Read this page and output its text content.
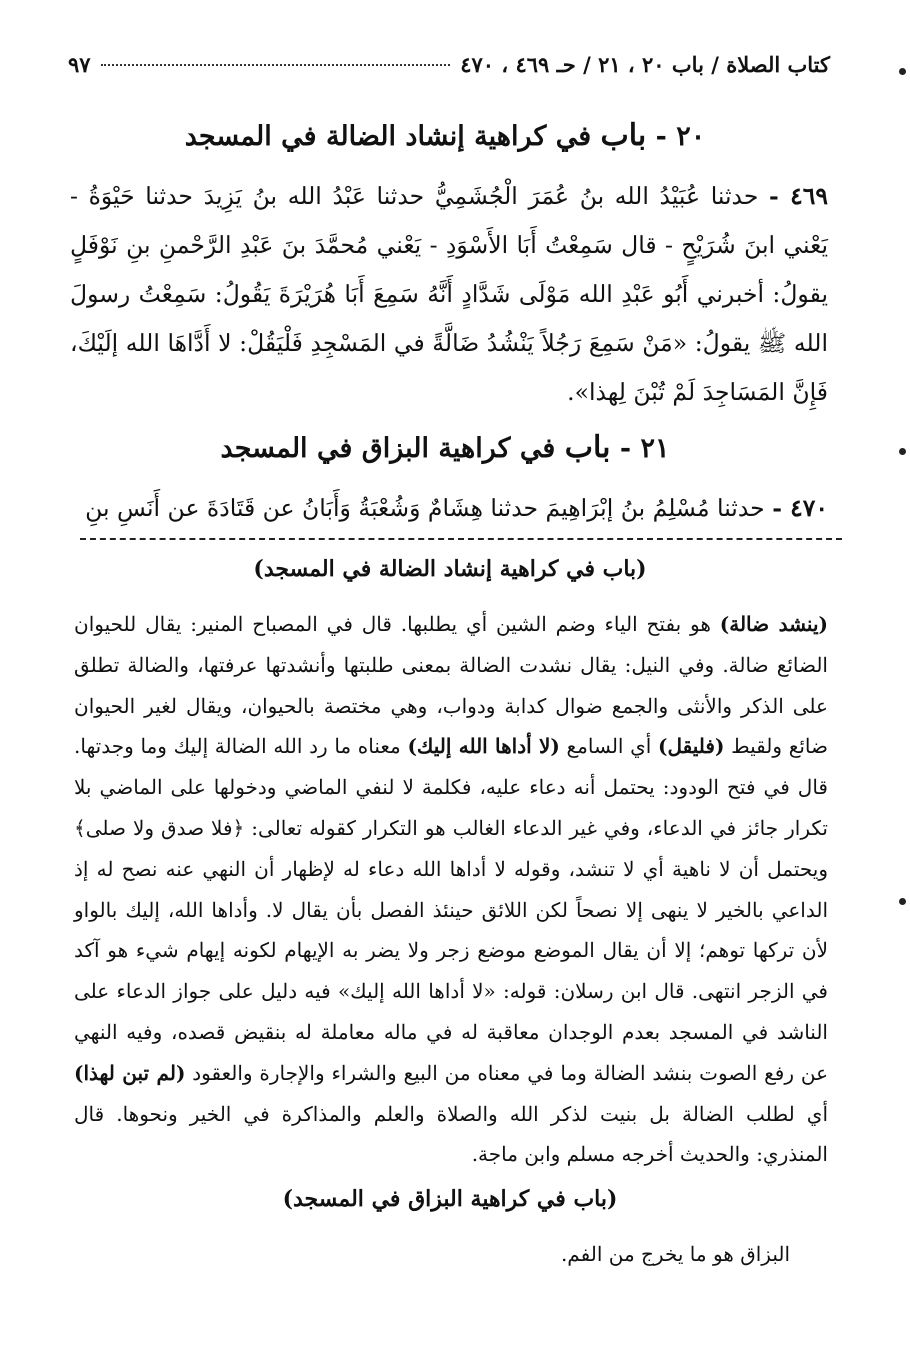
كتاب الصلاة / باب ٢٠ ، ٢١ / حـ ٤٦٩ ، ٤٧٠
٩٧
٢٠ - باب في كراهية إنشاد الضالة في المسجد
٤٦٩ - حدثنا عُبَيْدُ الله بنُ عُمَرَ الْجُشَمِيُّ حدثنا عَبْدُ الله بنُ يَزِيدَ حدثنا حَيْوَةُ - يَعْني ابنَ شُرَيْحٍ - قال سَمِعْتُ أَبَا الأَسْوَدِ - يَعْني مُحمَّدَ بنَ عَبْدِ الرَّحْمنِ بنِ نَوْفَلٍ يقولُ: أخبرني أَبُو عَبْدِ الله مَوْلَى شَدَّادٍ أَنَّهُ سَمِعَ أَبَا هُرَيْرَةَ يَقُولُ: سَمِعْتُ رسولَ الله ﷺ يقولُ: «مَنْ سَمِعَ رَجُلاً يَنْشُدُ ضَالَّةً في المَسْجِدِ فَلْيَقُلْ: لا أَدَّاهَا الله إلَيْكَ، فَإِنَّ المَسَاجِدَ لَمْ تُبْنَ لِهذا».
٢١ - باب في كراهية البزاق في المسجد
٤٧٠ - حدثنا مُسْلِمُ بنُ إبْرَاهِيمَ حدثنا هِشَامٌ وَشُعْبَةُ وَأَبَانُ عن قَتَادَةَ عن أَنَسِ بنِ
(باب في كراهية إنشاد الضالة في المسجد)
(ينشد ضالة) هو بفتح الياء وضم الشين أي يطلبها. قال في المصباح المنير: يقال للحيوان الضائع ضالة. وفي النيل: يقال نشدت الضالة بمعنى طلبتها وأنشدتها عرفتها، والضالة تطلق على الذكر والأنثى والجمع ضوال كدابة ودواب، وهي مختصة بالحيوان، ويقال لغير الحيوان ضائع ولقيط (فليقل) أي السامع (لا أداها الله إليك) معناه ما رد الله الضالة إليك وما وجدتها. قال في فتح الودود: يحتمل أنه دعاء عليه، فكلمة لا لنفي الماضي ودخولها على الماضي بلا تكرار جائز في الدعاء، وفي غير الدعاء الغالب هو التكرار كقوله تعالى: ﴿فلا صدق ولا صلى﴾ ويحتمل أن لا ناهية أي لا تنشد، وقوله لا أداها الله دعاء له لإظهار أن النهي عنه نصح له إذ الداعي بالخير لا ينهى إلا نصحاً لكن اللائق حينئذ الفصل بأن يقال لا. وأداها الله، إليك بالواو لأن تركها توهم؛ إلا أن يقال الموضع موضع زجر ولا يضر به الإيهام لكونه إيهام شيء هو آكد في الزجر انتهى. قال ابن رسلان: قوله: «لا أداها الله إليك» فيه دليل على جواز الدعاء على الناشد في المسجد بعدم الوجدان معاقبة له في ماله معاملة له بنقيض قصده، وفيه النهي عن رفع الصوت بنشد الضالة وما في معناه من البيع والشراء والإجارة والعقود (لم تبن لهذا) أي لطلب الضالة بل بنيت لذكر الله والصلاة والعلم والمذاكرة في الخير ونحوها. قال المنذري: والحديث أخرجه مسلم وابن ماجة.
(باب في كراهية البزاق في المسجد)
البزاق هو ما يخرج من الفم.
